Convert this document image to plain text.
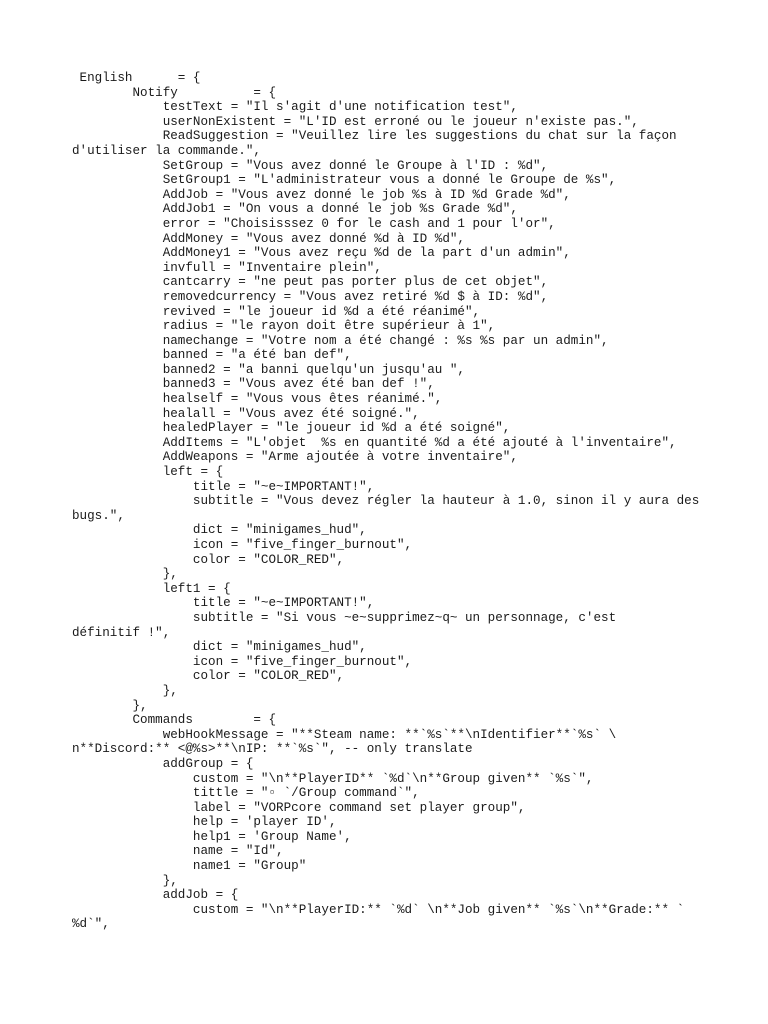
English      = {
Notify          = {
testText = "Il s'agit d'une notification test",
userNonExistent = "L'ID est erroné ou le joueur n'existe pas.",
ReadSuggestion = "Veuillez lire les suggestions du chat sur la façon
d'utiliser la commande.",
SetGroup = "Vous avez donné le Groupe à l'ID : %d",
SetGroup1 = "L'administrateur vous a donné le Groupe de %s",
AddJob = "Vous avez donné le job %s à ID %d Grade %d",
AddJob1 = "On vous a donné le job %s Grade %d",
error = "Choisisssez 0 for le cash and 1 pour l'or",
AddMoney = "Vous avez donné %d à ID %d",
AddMoney1 = "Vous avez reçu %d de la part d'un admin",
invfull = "Inventaire plein",
cantcarry = "ne peut pas porter plus de cet objet",
removedcurrency = "Vous avez retiré %d $ à ID: %d",
revived = "le joueur id %d a été réanimé",
radius = "le rayon doit être supérieur à 1",
namechange = "Votre nom a été changé : %s %s par un admin",
banned = "a été ban def",
banned2 = "a banni quelqu'un jusqu'au ",
banned3 = "Vous avez été ban def !",
healself = "Vous vous êtes réanimé.",
healall = "Vous avez été soigné.",
healedPlayer = "le joueur id %d a été soigné",
AddItems = "L'objet  %s en quantité %d a été ajouté à l'inventaire",
AddWeapons = "Arme ajoutée à votre inventaire",
left = {
title = "~e~IMPORTANT!",
subtitle = "Vous devez régler la hauteur à 1.0, sinon il y aura des
bugs.",
dict = "minigames_hud",
icon = "five_finger_burnout",
color = "COLOR_RED",
},
left1 = {
title = "~e~IMPORTANT!",
subtitle = "Si vous ~e~supprimez~q~ un personnage, c'est
définitif !",
dict = "minigames_hud",
icon = "five_finger_burnout",
color = "COLOR_RED",
},
},
Commands        = {
webHookMessage = "**Steam name: **`%s`**\nIdentifier**`%s` \
n**Discord:** <@%s>**\nIP: **`%s`", -- only translate
addGroup = {
custom = "\n**PlayerID** `%d`\n**Group given** `%s`",
tittle = "▫ `/Group command`",
label = "VORPcore command set player group",
help = 'player ID',
help1 = 'Group Name',
name = "Id",
name1 = "Group"
},
addJob = {
custom = "\n**PlayerID:** `%d` \n**Job given** `%s`\n**Grade:** `
%d`",
